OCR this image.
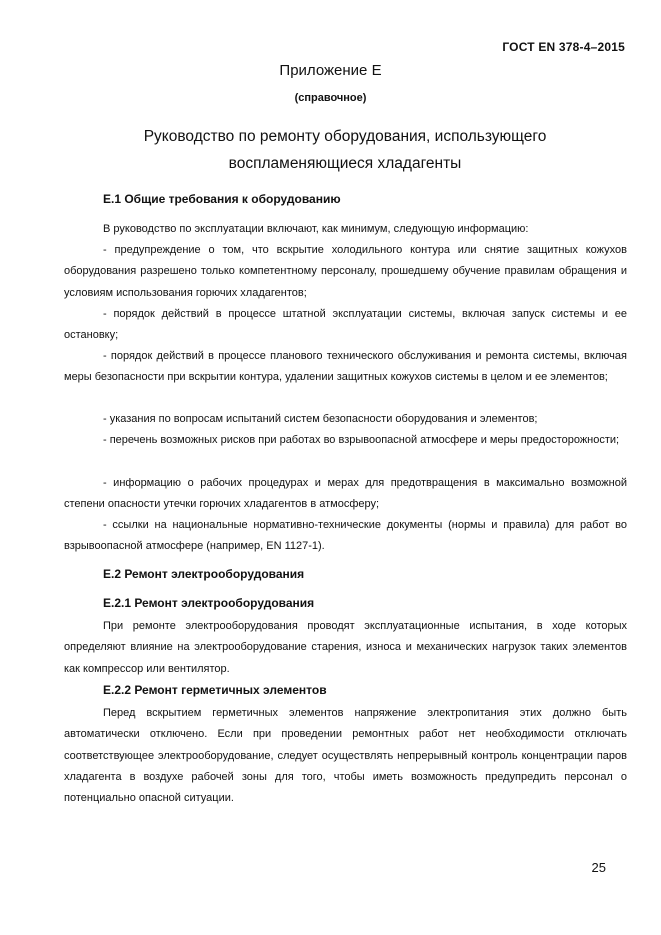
ГОСТ EN 378-4–2015
Приложение Е
(справочное)
Руководство по ремонту оборудования, использующего
воспламеняющиеся хладагенты
Е.1 Общие требования к оборудованию

В руководство по эксплуатации включают, как минимум, следующую информацию:

- предупреждение о том, что вскрытие холодильного контура или снятие защитных кожухов оборудования разрешено только компетентному персоналу, прошедшему обучение правилам обращения и условиям использования горючих хладагентов;

- порядок действий в процессе штатной эксплуатации системы, включая запуск системы и ее остановку;

- порядок действий в процессе планового технического обслуживания и ремонта системы, включая меры безопасности при вскрытии контура, удалении защитных кожухов системы в целом и ее элементов;

- указания по вопросам испытаний систем безопасности оборудования и элементов;

- перечень возможных рисков при работах во взрывоопасной атмосфере и меры предосторожности;

- информацию о рабочих процедурах и мерах для предотвращения в максимально возможной степени опасности утечки горючих хладагентов в атмосферу;

- ссылки на национальные нормативно-технические документы (нормы и правила) для работ во взрывоопасной атмосфере (например, EN 1127-1).

Е.2 Ремонт электрооборудования
Е.2.1 Ремонт электрооборудования

При ремонте электрооборудования проводят эксплуатационные испытания, в ходе которых определяют влияние на электрооборудование старения, износа и механических нагрузок таких элементов как компрессор или вентилятор.

Е.2.2 Ремонт герметичных элементов

Перед вскрытием герметичных элементов напряжение электропитания этих должно быть автоматически отключено. Если при проведении ремонтных работ нет необходимости отключать соответствующее электрооборудование, следует осуществлять непрерывный контроль концентрации паров хладагента в воздухе рабочей зоны для того, чтобы иметь возможность предупредить персонал о потенциально опасной ситуации.

25
